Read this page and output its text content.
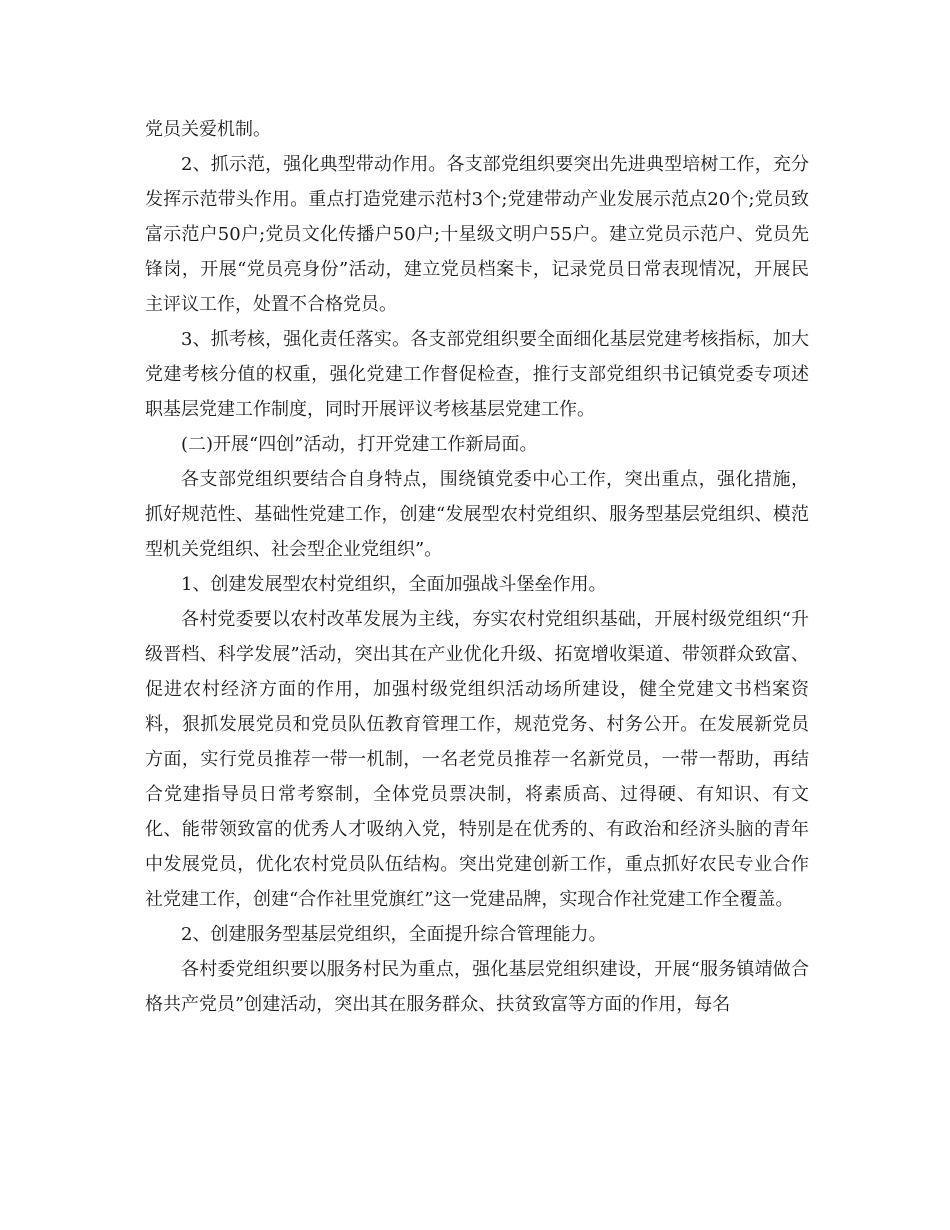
党员关爱机制。

2、抓示范，强化典型带动作用。各支部党组织要突出先进典型培树工作，充分发挥示范带头作用。重点打造党建示范村3个;党建带动产业发展示范点20个;党员致富示范户50户;党员文化传播户50户;十星级文明户55户。建立党员示范户、党员先锋岗，开展“党员亮身份”活动，建立党员档案卡，记录党员日常表现情况，开展民主评议工作，处置不合格党员。

3、抓考核，强化责任落实。各支部党组织要全面细化基层党建考核指标，加大党建考核分值的权重，强化党建工作督促检查，推行支部党组织书记镇党委专项述职基层党建工作制度，同时开展评议考核基层党建工作。

(二)开展“四创”活动，打开党建工作新局面。

各支部党组织要结合自身特点，围绕镇党委中心工作，突出重点，强化措施，抓好规范性、基础性党建工作，创建“发展型农村党组织、服务型基层党组织、模范型机关党组织、社会型企业党组织”。

1、创建发展型农村党组织，全面加强战斗堡垒作用。

各村党委要以农村改革发展为主线，夯实农村党组织基础，开展村级党组织“升级晋档、科学发展”活动，突出其在产业优化升级、拓宽增收渠道、带领群众致富、促进农村经济方面的作用，加强村级党组织活动场所建设，健全党建文书档案资料，狠抓发展党员和党员队伍教育管理工作，规范党务、村务公开。在发展新党员方面，实行党员推荐一带一机制，一名老党员推荐一名新党员，一带一帮助，再结合党建指导员日常考察制，全体党员票决制，将素质高、过得硬、有知识、有文化、能带领致富的优秀人才吸纳入党，特别是在优秀的、有政治和经济头脑的青年中发展党员，优化农村党员队伍结构。突出党建创新工作，重点抓好农民专业合作社党建工作，创建“合作社里党旗红”这一党建品牌，实现合作社党建工作全覆盖。

2、创建服务型基层党组织，全面提升综合管理能力。

各村委党组织要以服务村民为重点，强化基层党组织建设，开展“服务镇靖做合格共产党员”创建活动，突出其在服务群众、扶贫致富等方面的作用，每名
